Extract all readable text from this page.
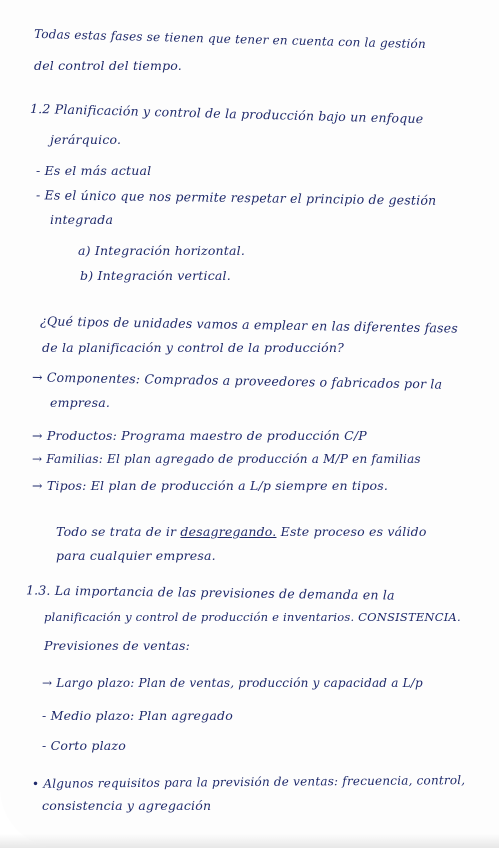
Todas estas fases se tienen que tener en cuenta con la gestión
del control del tiempo.
1.2 Planificación y control de la producción bajo un enfoque
jerárquico.
- Es el más actual
- Es el único que nos permite respetar el principio de gestión
integrada
a) Integración horizontal.
b) Integración vertical.
¿Qué tipos de unidades vamos a emplear en las diferentes fases
de la planificación y control de la producción?
→ Componentes: Comprados a proveedores o fabricados por la
empresa.
→ Productos: Programa maestro de producción C/P
→ Familias: El plan agregado de producción a M/P en familias
→ Tipos: El plan de producción a L/p siempre en tipos.
Todo se trata de ir desagregando. Este proceso es válido
para cualquier empresa.
1.3. La importancia de las previsiones de demanda en la
planificación y control de producción e inventarios. CONSISTENCIA.
Previsiones de ventas:
→ Largo plazo: Plan de ventas, producción y capacidad a L/p
- Medio plazo: Plan agregado
- Corto plazo
• Algunos requisitos para la previsión de ventas: frecuencia, control,
consistencia y agregación
